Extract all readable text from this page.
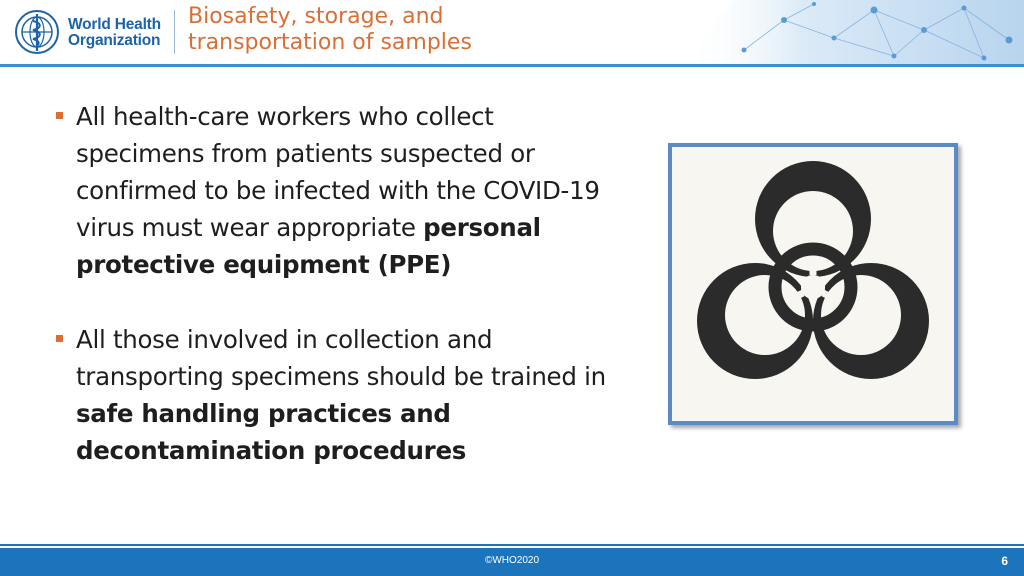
World Health
Organization
Biosafety, storage, and
transportation of samples
All health-care workers who collect specimens from patients suspected or confirmed to be infected with the COVID-19 virus must wear appropriate personal protective equipment (PPE)
All those involved in collection and transporting specimens should be trained in safe handling practices and decontamination procedures
©WHO2020	6
